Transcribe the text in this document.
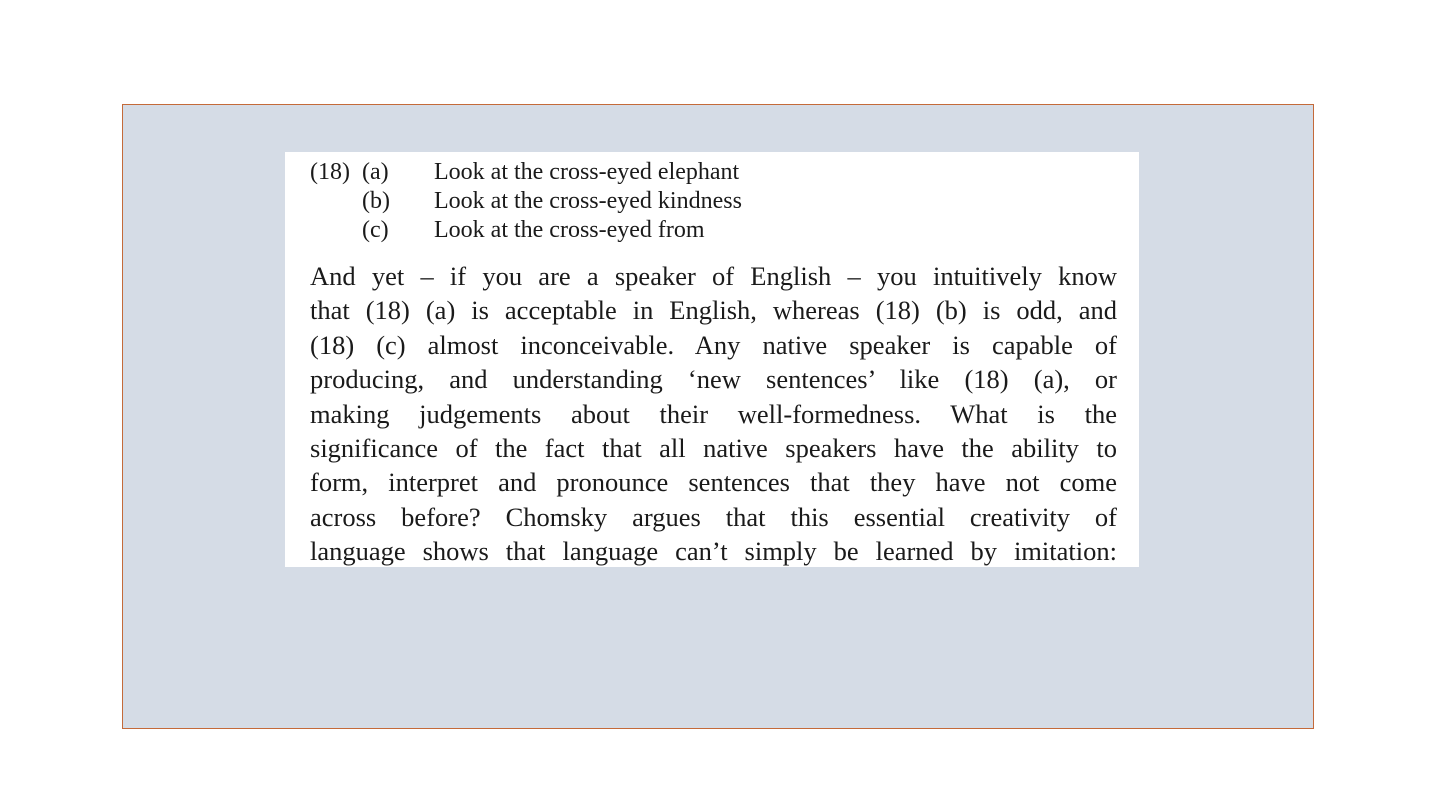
(18) (a)	Look at the cross-eyed elephant
(b)	Look at the cross-eyed kindness
(c)	Look at the cross-eyed from
And yet – if you are a speaker of English – you intuitively know
that (18) (a) is acceptable in English, whereas (18) (b) is odd, and
(18) (c) almost inconceivable. Any native speaker is capable of
producing, and understanding ‘new sentences’ like (18) (a), or
making judgements about their well-formedness. What is the
significance of the fact that all native speakers have the ability to
form, interpret and pronounce sentences that they have not come
across before? Chomsky argues that this essential creativity of
language shows that language can’t simply be learned by imitation:
